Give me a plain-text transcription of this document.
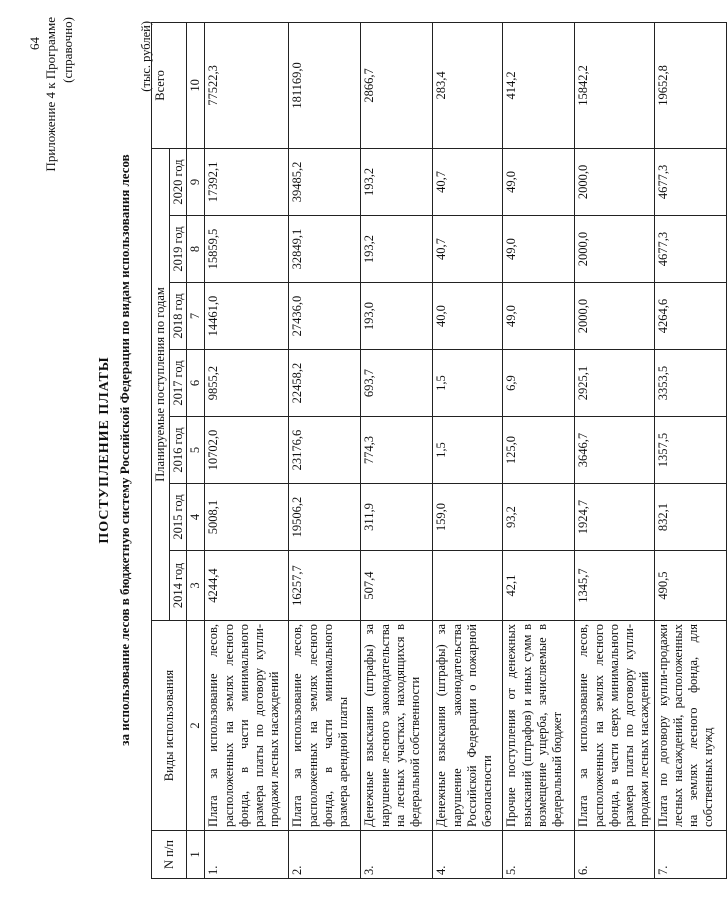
64 Приложение 4 к Программе (справочно)
ПОСТУПЛЕНИЕ ПЛАТЫ за использование лесов в бюджетную систему Российской Федерации по видам использования лесов
(тыс. рублей)
N п/п	Виды использования	Планируемые поступления по годам							Всего
		2014 год	2015 год	2016 год	2017 год	2018 год	2019 год	2020 год	
1	2	3	4	5	6	7	8	9	10
1.	Плата за использование лесов, расположенных на землях лесного фонда, в части минимального размера платы по договору купли-продажи лесных насаждений	4244,4	5008,1	10702,0	9855,2	14461,0	15859,5	17392,1	77522,3
2.	Плата за использование лесов, расположенных на землях лесного фонда, в части минимального размера арендной платы	16257,7	19506,2	23176,6	22458,2	27436,0	32849,1	39485,2	181169,0
3.	Денежные взыскания (штрафы) за нарушение лесного законодательства на лесных участках, находящихся в федеральной собственности	507,4	311,9	774,3	693,7	193,0	193,2	193,2	2866,7
4.	Денежные взыскания (штрафы) за нарушение законодательства Российской Федерации о пожарной безопасности		159,0	1,5	1,5	40,0	40,7	40,7	283,4
5.	Прочие поступления от денежных взысканий (штрафов) и иных сумм в возмещение ущерба, зачисляемые в федеральный бюджет	42,1	93,2	125,0	6,9	49,0	49,0	49,0	414,2
6.	Плата за использование лесов, расположенных на землях лесного фонда, в части сверх минимального размера платы по договору купли-продажи лесных насаждений	1345,7	1924,7	3646,7	2925,1	2000,0	2000,0	2000,0	15842,2
7.	Плата по договору купли-продажи лесных насаждений, расположенных на землях лесного фонда, для собственных нужд	490,5	832,1	1357,5	3353,5	4264,6	4677,3	4677,3	19652,8
